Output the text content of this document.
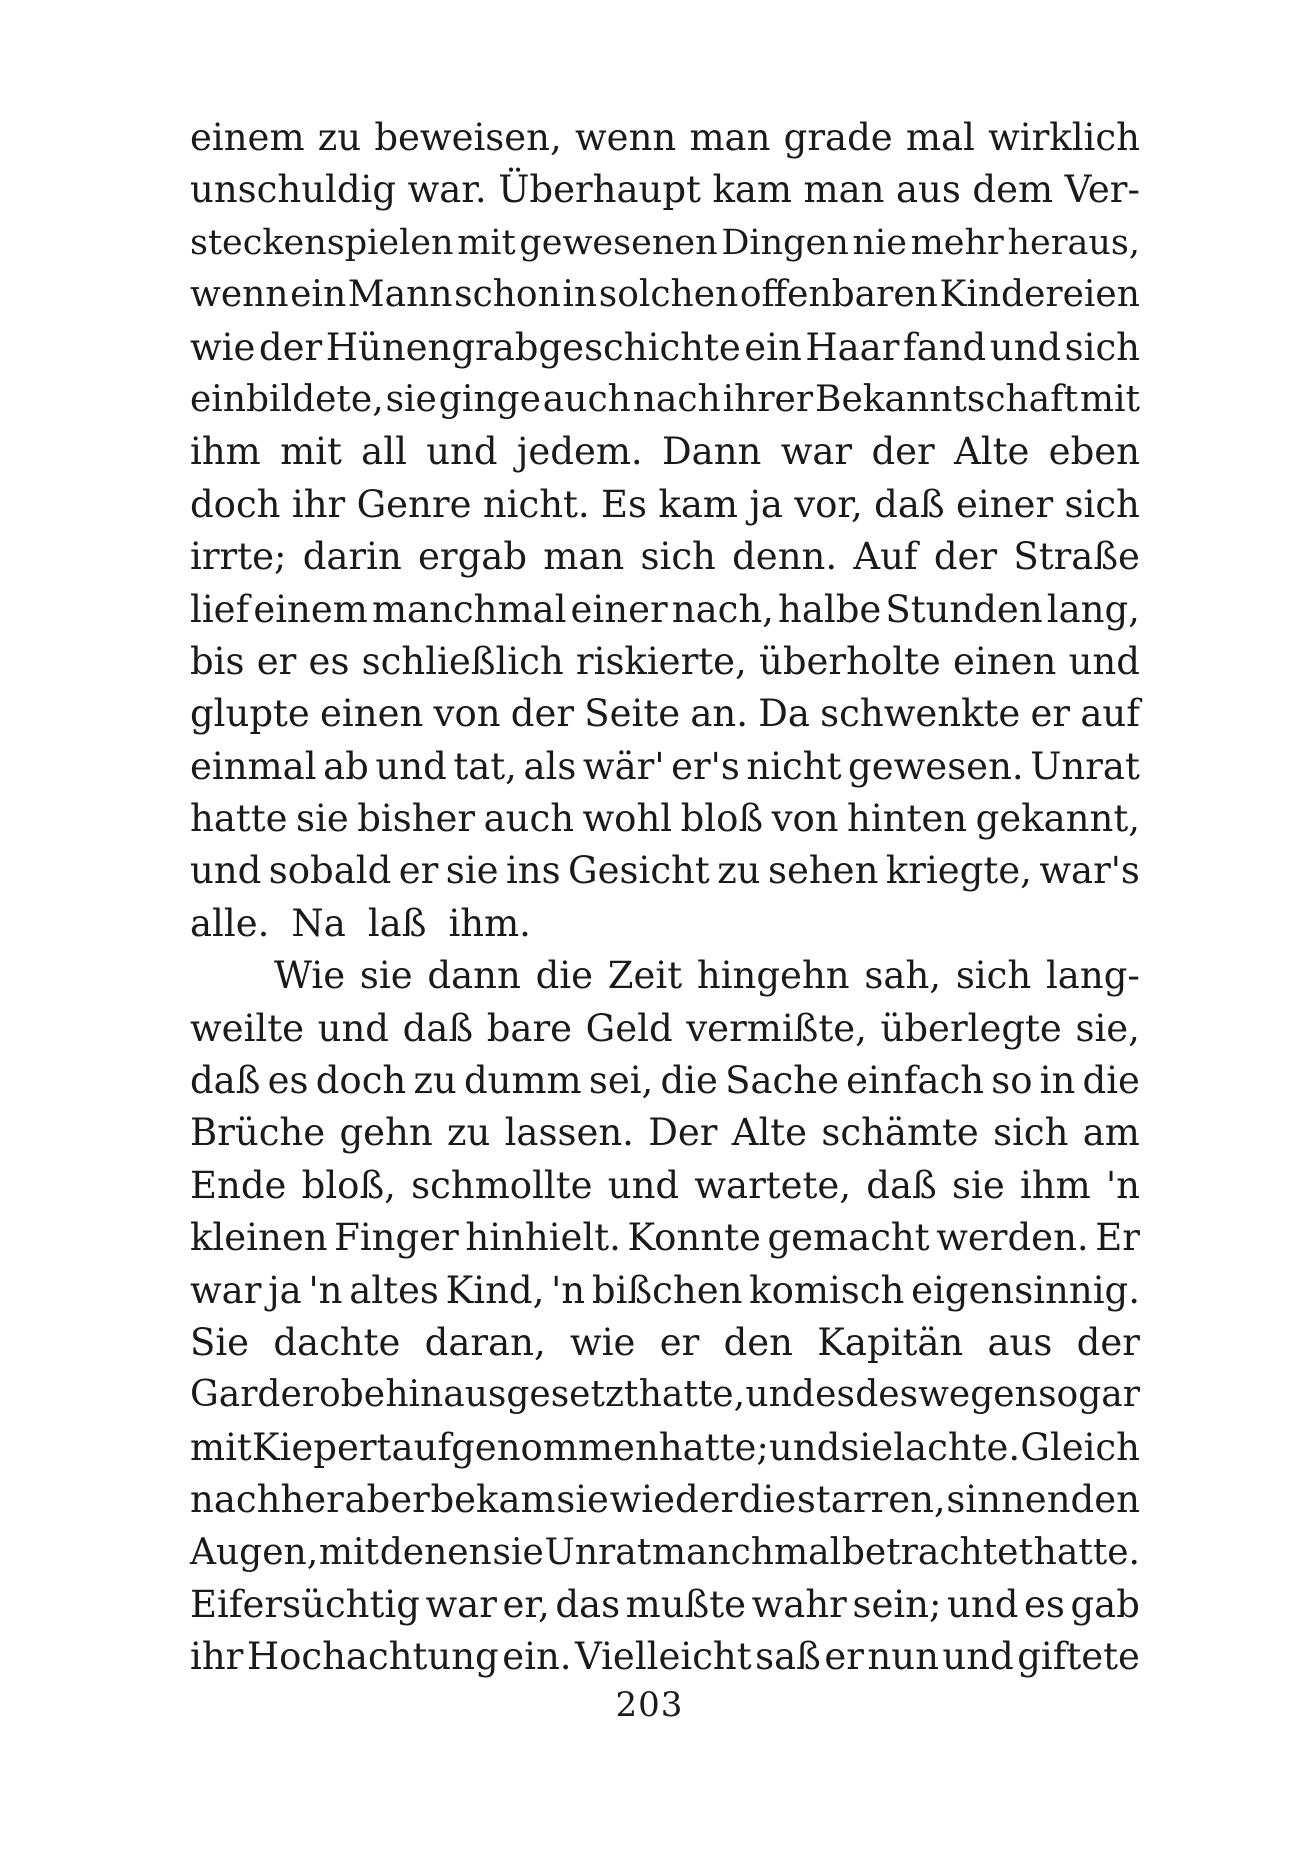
einem zu beweisen, wenn man grade mal wirklich
unschuldig war. Überhaupt kam man aus dem Ver-
steckenspielen mit gewesenen Dingen nie mehr heraus,
wenn ein Mann schon in solchen offenbaren Kindereien
wie der Hünengrabgeschichte ein Haar fand und sich
einbildete, sie ginge auch nach ihrer Bekanntschaft mit
ihm mit all und jedem. Dann war der Alte eben
doch ihr Genre nicht. Es kam ja vor, daß einer sich
irrte; darin ergab man sich denn. Auf der Straße
lief einem manchmal einer nach, halbe Stunden lang,
bis er es schließlich riskierte, überholte einen und
glupte einen von der Seite an. Da schwenkte er auf
einmal ab und tat, als wär' er's nicht gewesen. Unrat
hatte sie bisher auch wohl bloß von hinten gekannt,
und sobald er sie ins Gesicht zu sehen kriegte, war's
alle. Na laß ihm.
Wie sie dann die Zeit hingehn sah, sich lang-
weilte und daß bare Geld vermißte, überlegte sie,
daß es doch zu dumm sei, die Sache einfach so in die
Brüche gehn zu lassen. Der Alte schämte sich am
Ende bloß, schmollte und wartete, daß sie ihm 'n
kleinen Finger hinhielt. Konnte gemacht werden. Er
war ja 'n altes Kind, 'n bißchen komisch eigensinnig.
Sie dachte daran, wie er den Kapitän aus der
Garderobe hinausgesetzt hatte, und es deswegen sogar
mit Kiepert aufgenommen hatte; und sie lachte. Gleich
nachher aber bekam sie wieder die starren, sinnenden
Augen, mit denen sie Unrat manchmal betrachtet hatte.
Eifersüchtig war er, das mußte wahr sein; und es gab
ihr Hochachtung ein. Vielleicht saß er nun und giftete
203
